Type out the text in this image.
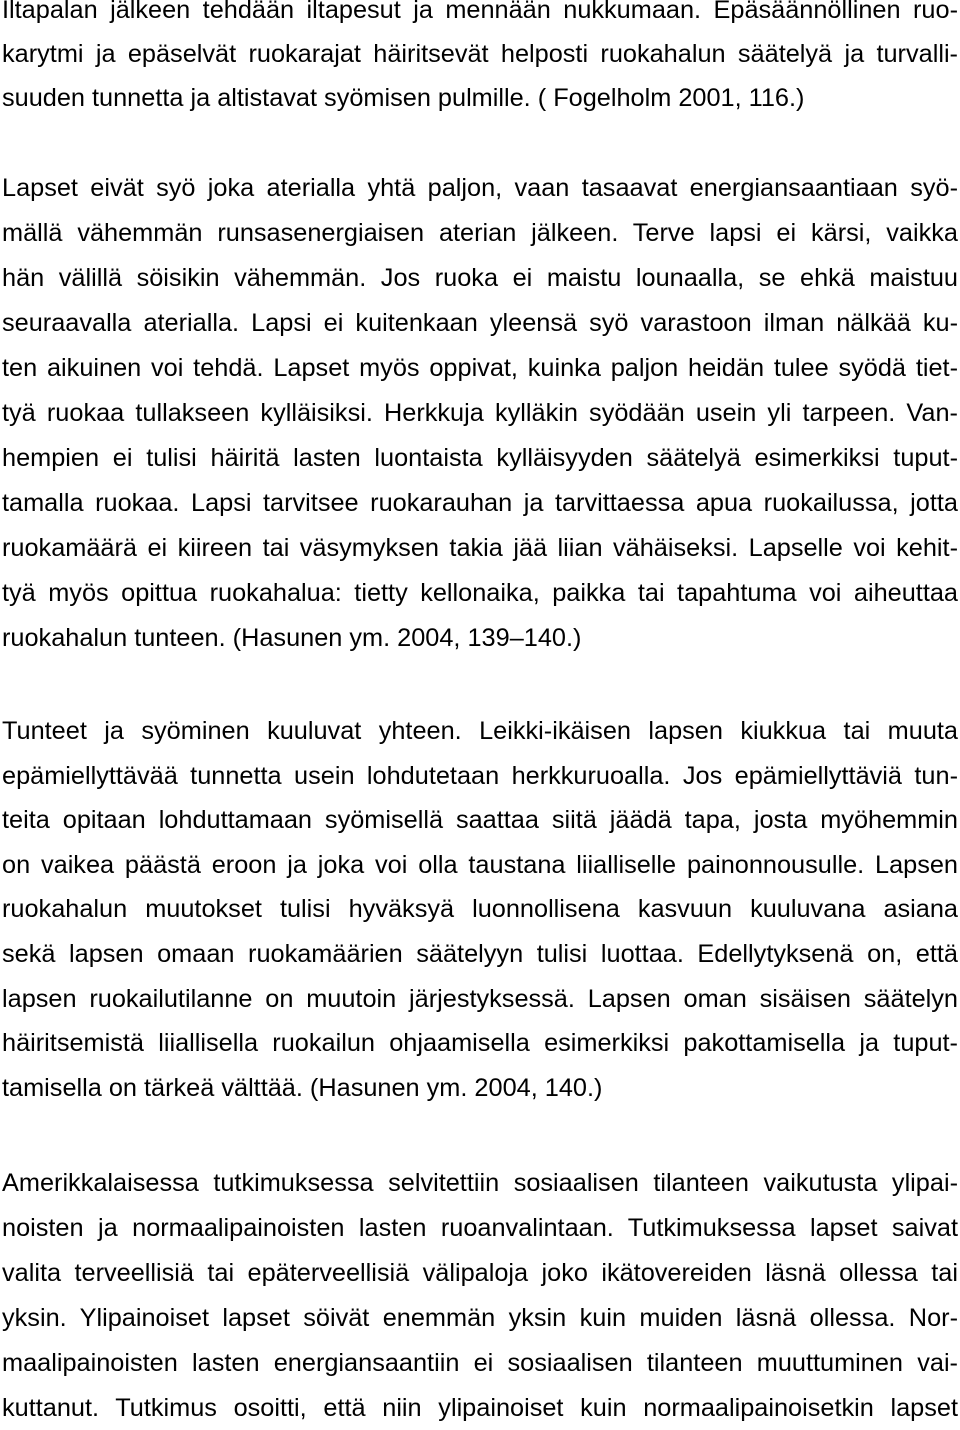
Iltapalan jälkeen tehdään iltapesut ja mennään nukkumaan. Epäsäännöllinen ruo-
karytmi ja epäselvät ruokarajat häiritsevät helposti ruokahalun säätelyä ja turvalli-
suuden tunnetta ja altistavat syömisen pulmille. ( Fogelholm 2001, 116.)
Lapset eivät syö joka aterialla yhtä paljon, vaan tasaavat energiansaantiaan syö-
mällä vähemmän runsasenergiaisen aterian jälkeen. Terve lapsi ei kärsi, vaikka
hän välillä söisikin vähemmän. Jos ruoka ei maistu lounaalla, se ehkä maistuu
seuraavalla aterialla. Lapsi ei kuitenkaan yleensä syö varastoon ilman nälkää ku-
ten aikuinen voi tehdä. Lapset myös oppivat, kuinka paljon heidän tulee syödä tiet-
tyä ruokaa tullakseen kylläisiksi. Herkkuja kylläkin syödään usein yli tarpeen. Van-
hempien ei tulisi häiritä lasten luontaista kylläisyyden säätelyä esimerkiksi tuput-
tamalla ruokaa. Lapsi tarvitsee ruokarauhan ja tarvittaessa apua ruokailussa, jotta
ruokamäärä ei kiireen tai väsymyksen takia jää liian vähäiseksi. Lapselle voi kehit-
tyä myös opittua ruokahalua: tietty kellonaika, paikka tai tapahtuma voi aiheuttaa
ruokahalun tunteen. (Hasunen ym. 2004, 139–140.)
Tunteet ja syöminen kuuluvat yhteen. Leikki-ikäisen lapsen kiukkua tai muuta
epämiellyttävää tunnetta usein lohdutetaan herkkuruoalla. Jos epämiellyttäviä tun-
teita opitaan lohduttamaan syömisellä saattaa siitä jäädä tapa, josta myöhemmin
on vaikea päästä eroon ja joka voi olla taustana liialliselle painonnousulle. Lapsen
ruokahalun muutokset tulisi hyväksyä luonnollisena kasvuun kuuluvana asiana
sekä lapsen omaan ruokamäärien säätelyyn tulisi luottaa. Edellytyksenä on, että
lapsen ruokailutilanne on muutoin järjestyksessä. Lapsen oman sisäisen säätelyn
häiritsemistä liiallisella ruokailun ohjaamisella esimerkiksi pakottamisella ja tuput-
tamisella on tärkeä välttää. (Hasunen ym. 2004, 140.)
Amerikkalaisessa tutkimuksessa selvitettiin sosiaalisen tilanteen vaikutusta ylipai-
noisten ja normaalipainoisten lasten ruoanvalintaan. Tutkimuksessa lapset saivat
valita terveellisiä tai epäterveellisiä välipaloja joko ikätovereiden läsnä ollessa tai
yksin. Ylipainoiset lapset söivät enemmän yksin kuin muiden läsnä ollessa. Nor-
maalipainoisten lasten energiansaantiin ei sosiaalisen tilanteen muuttuminen vai-
kuttanut. Tutkimus osoitti, että niin ylipainoiset kuin normaalipainoisetkin lapset
